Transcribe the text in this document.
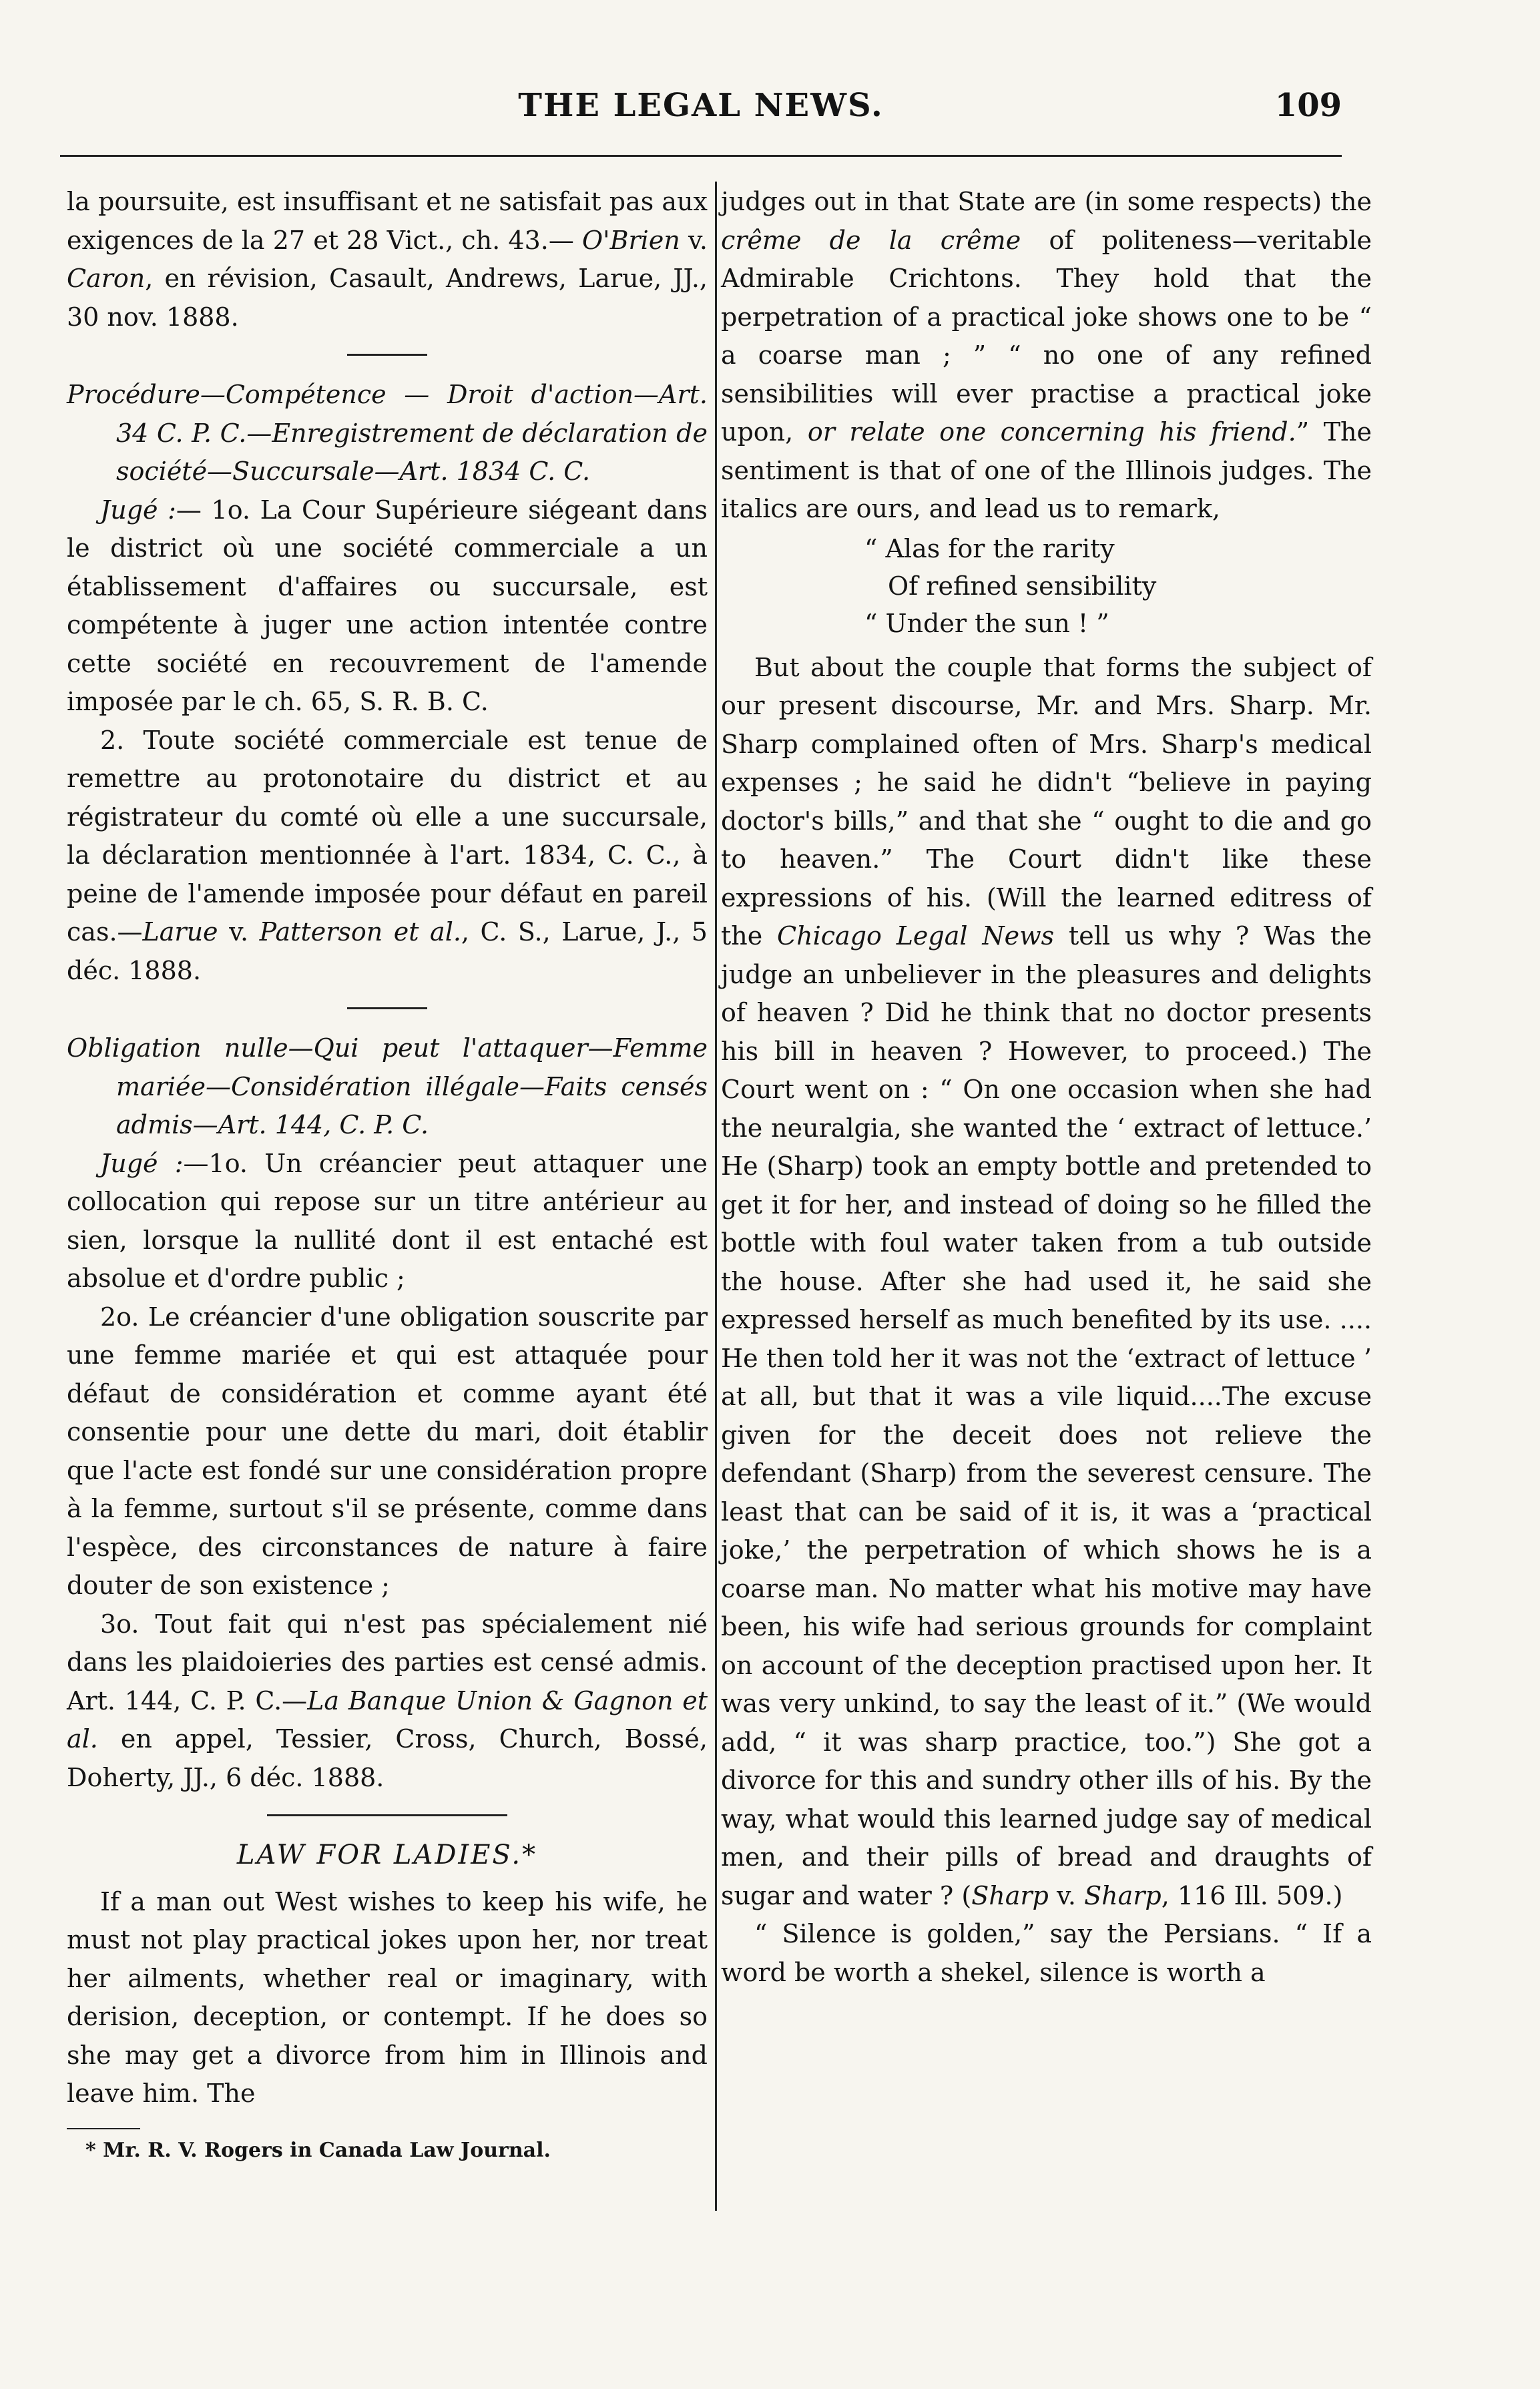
THE LEGAL NEWS.	109

la poursuite, est insuffisant et ne satisfait pas aux exigences de la 27 et 28 Vict., ch. 43.— O'Brien v. Caron, en révision, Casault, Andrews, Larue, JJ., 30 nov. 1888.

Procédure—Compétence — Droit d'action—Art. 34 C. P. C.—Enregistrement de déclaration de société—Succursale—Art. 1834 C. C.

Jugé :— 1o. La Cour Supérieure siégeant dans le district où une société commerciale a un établissement d'affaires ou succursale, est compétente à juger une action intentée contre cette société en recouvrement de l'amende imposée par le ch. 65, S. R. B. C.

2. Toute société commerciale est tenue de remettre au protonotaire du district et au régistrateur du comté où elle a une succursale, la déclaration mentionnée à l'art. 1834, C. C., à peine de l'amende imposée pour défaut en pareil cas.—Larue v. Patterson et al., C. S., Larue, J., 5 déc. 1888.

Obligation nulle—Qui peut l'attaquer—Femme mariée—Considération illégale—Faits censés admis—Art. 144, C. P. C.

Jugé :—1o. Un créancier peut attaquer une collocation qui repose sur un titre antérieur au sien, lorsque la nullité dont il est entaché est absolue et d'ordre public ;

2o. Le créancier d'une obligation souscrite par une femme mariée et qui est attaquée pour défaut de considération et comme ayant été consentie pour une dette du mari, doit établir que l'acte est fondé sur une considération propre à la femme, surtout s'il se présente, comme dans l'espèce, des circonstances de nature à faire douter de son existence ;

3o. Tout fait qui n'est pas spécialement nié dans les plaidoieries des parties est censé admis. Art. 144, C. P. C.—La Banque Union & Gagnon et al. en appel, Tessier, Cross, Church, Bossé, Doherty, JJ., 6 déc. 1888.

LAW FOR LADIES.*

If a man out West wishes to keep his wife, he must not play practical jokes upon her, nor treat her ailments, whether real or imaginary, with derision, deception, or contempt. If he does so she may get a divorce from him in Illinois and leave him. The

* Mr. R. V. Rogers in Canada Law Journal.

judges out in that State are (in some respects) the crême de la crême of politeness—veritable Admirable Crichtons. They hold that the perpetration of a practical joke shows one to be “ a coarse man ; ” “ no one of any refined sensibilities will ever practise a practical joke upon, or relate one concerning his friend.” The sentiment is that of one of the Illinois judges. The italics are ours, and lead us to remark,

“ Alas for the rarity
Of refined sensibility
“ Under the sun ! ”

But about the couple that forms the subject of our present discourse, Mr. and Mrs. Sharp. Mr. Sharp complained often of Mrs. Sharp's medical expenses ; he said he didn't “believe in paying doctor's bills,” and that she “ ought to die and go to heaven.” The Court didn't like these expressions of his. (Will the learned editress of the Chicago Legal News tell us why ? Was the judge an unbeliever in the pleasures and delights of heaven ? Did he think that no doctor presents his bill in heaven ? However, to proceed.) The Court went on : “ On one occasion when she had the neuralgia, she wanted the ‘ extract of lettuce.’ He (Sharp) took an empty bottle and pretended to get it for her, and instead of doing so he filled the bottle with foul water taken from a tub outside the house. After she had used it, he said she expressed herself as much benefited by its use. .... He then told her it was not the ‘extract of lettuce ’ at all, but that it was a vile liquid....The excuse given for the deceit does not relieve the defendant (Sharp) from the severest censure. The least that can be said of it is, it was a ‘practical joke,’ the perpetration of which shows he is a coarse man. No matter what his motive may have been, his wife had serious grounds for complaint on account of the deception practised upon her. It was very unkind, to say the least of it.” (We would add, “ it was sharp practice, too.”) She got a divorce for this and sundry other ills of his. By the way, what would this learned judge say of medical men, and their pills of bread and draughts of sugar and water ? (Sharp v. Sharp, 116 Ill. 509.)

“ Silence is golden,” say the Persians. “ If a word be worth a shekel, silence is worth a
